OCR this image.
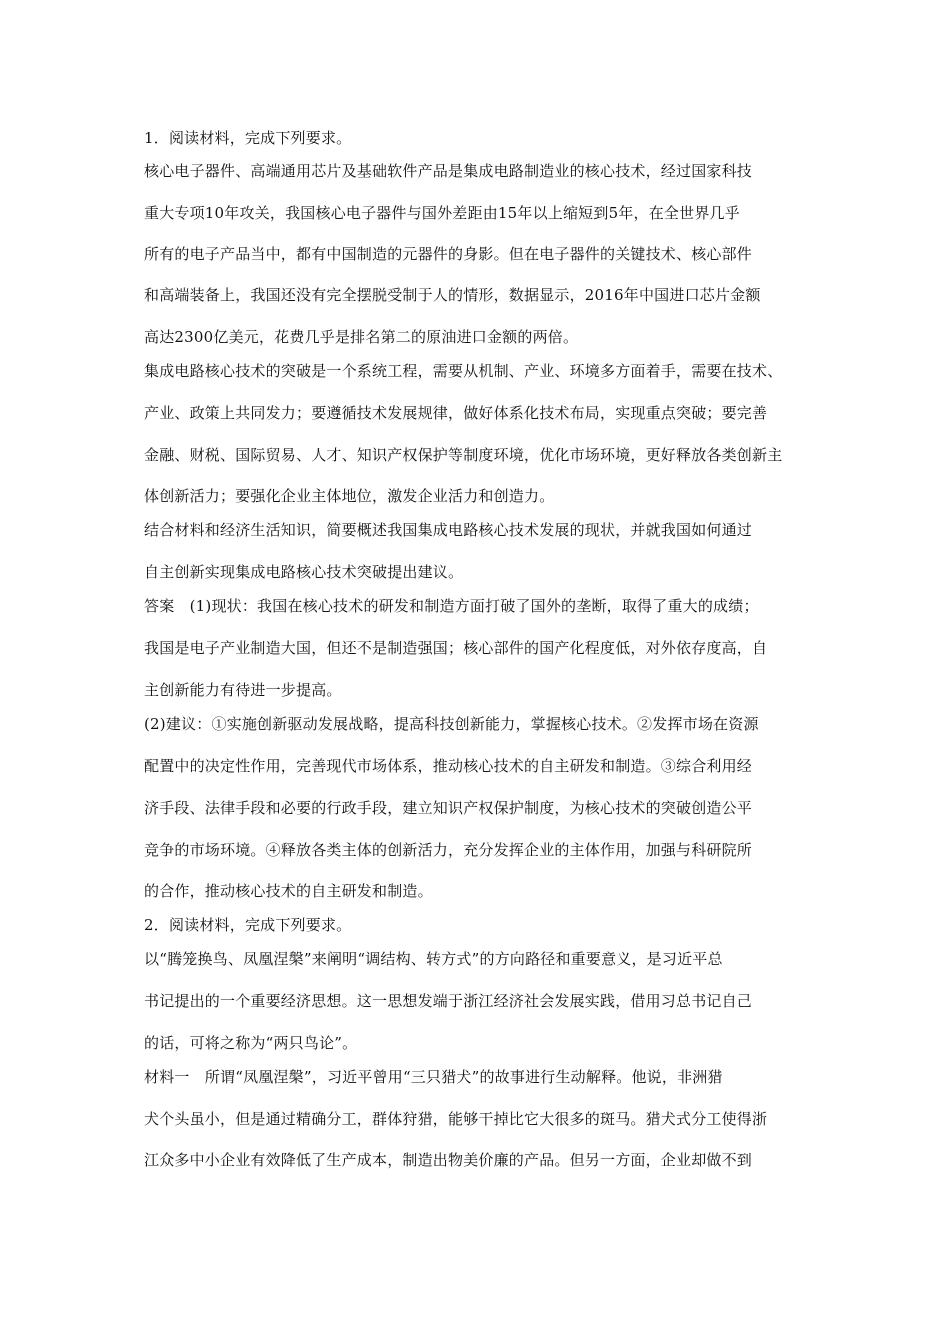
1．阅读材料，完成下列要求。
核心电子器件、高端通用芯片及基础软件产品是集成电路制造业的核心技术，经过国家科技
重大专项10年攻关，我国核心电子器件与国外差距由15年以上缩短到5年，在全世界几乎
所有的电子产品当中，都有中国制造的元器件的身影。但在电子器件的关键技术、核心部件
和高端装备上，我国还没有完全摆脱受制于人的情形，数据显示，2016年中国进口芯片金额
高达2300亿美元，花费几乎是排名第二的原油进口金额的两倍。
集成电路核心技术的突破是一个系统工程，需要从机制、产业、环境多方面着手，需要在技术、
产业、政策上共同发力；要遵循技术发展规律，做好体系化技术布局，实现重点突破；要完善
金融、财税、国际贸易、人才、知识产权保护等制度环境，优化市场环境，更好释放各类创新主
体创新活力；要强化企业主体地位，激发企业活力和创造力。
结合材料和经济生活知识，简要概述我国集成电路核心技术发展的现状，并就我国如何通过
自主创新实现集成电路核心技术突破提出建议。
答案　(1)现状：我国在核心技术的研发和制造方面打破了国外的垄断，取得了重大的成绩；
我国是电子产业制造大国，但还不是制造强国；核心部件的国产化程度低，对外依存度高，自
主创新能力有待进一步提高。
(2)建议：①实施创新驱动发展战略，提高科技创新能力，掌握核心技术。②发挥市场在资源
配置中的决定性作用，完善现代市场体系，推动核心技术的自主研发和制造。③综合利用经
济手段、法律手段和必要的行政手段，建立知识产权保护制度，为核心技术的突破创造公平
竞争的市场环境。④释放各类主体的创新活力，充分发挥企业的主体作用，加强与科研院所
的合作，推动核心技术的自主研发和制造。
2．阅读材料，完成下列要求。
以“腾笼换鸟、凤凰涅槃”来阐明“调结构、转方式”的方向路径和重要意义，是习近平总
书记提出的一个重要经济思想。这一思想发端于浙江经济社会发展实践，借用习总书记自己
的话，可将之称为“两只鸟论”。
材料一　所谓“凤凰涅槃”，习近平曾用“三只猎犬”的故事进行生动解释。他说，非洲猎
犬个头虽小，但是通过精确分工，群体狩猎，能够干掉比它大很多的斑马。猎犬式分工使得浙
江众多中小企业有效降低了生产成本，制造出物美价廉的产品。但另一方面，企业却做不到
